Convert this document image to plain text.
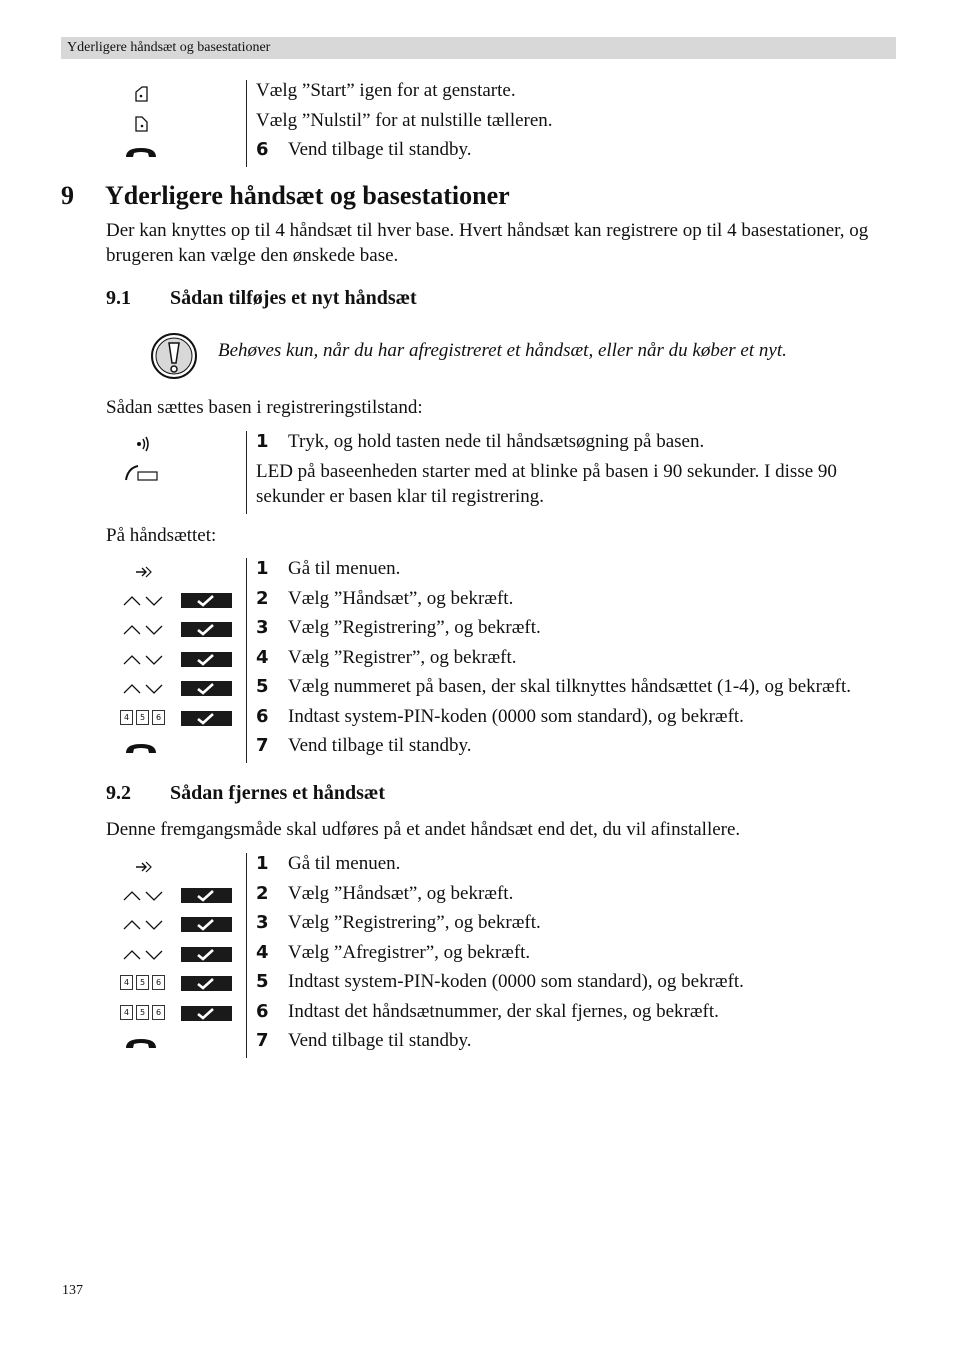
Yderligere håndsæt og basestationer
Vælg ”Start” igen for at genstarte.
Vælg ”Nulstil” for at nulstille tælleren.
6 Vend tilbage til standby.
9 Yderligere håndsæt og basestationer
Der kan knyttes op til 4 håndsæt til hver base. Hvert håndsæt kan registrere op til 4 basestationer, og brugeren kan vælge den ønskede base.
9.1 Sådan tilføjes et nyt håndsæt
Behøves kun, når du har afregistreret et håndsæt, eller når du køber et nyt.
Sådan sættes basen i registreringstilstand:
1 Tryk, og hold tasten nede til håndsætsøgning på basen.
LED på baseenheden starter med at blinke på basen i 90 sekunder. I disse 90 sekunder er basen klar til registrering.
På håndsættet:
1 Gå til menuen.
2 Vælg ”Håndsæt”, og bekræft.
3 Vælg ”Registrering”, og bekræft.
4 Vælg ”Registrer”, og bekræft.
5 Vælg nummeret på basen, der skal tilknyttes håndsættet (1-4), og bekræft.
4 5 6	6 Indtast system-PIN-koden (0000 som standard), og bekræft.
7 Vend tilbage til standby.
9.2 Sådan fjernes et håndsæt
Denne fremgangsmåde skal udføres på et andet håndsæt end det, du vil afinstallere.
1 Gå til menuen.
2 Vælg ”Håndsæt”, og bekræft.
3 Vælg ”Registrering”, og bekræft.
4 Vælg ”Afregistrer”, og bekræft.
4 5 6	5 Indtast system-PIN-koden (0000 som standard), og bekræft.
4 5 6	6 Indtast det håndsætnummer, der skal fjernes, og bekræft.
7 Vend tilbage til standby.
137
